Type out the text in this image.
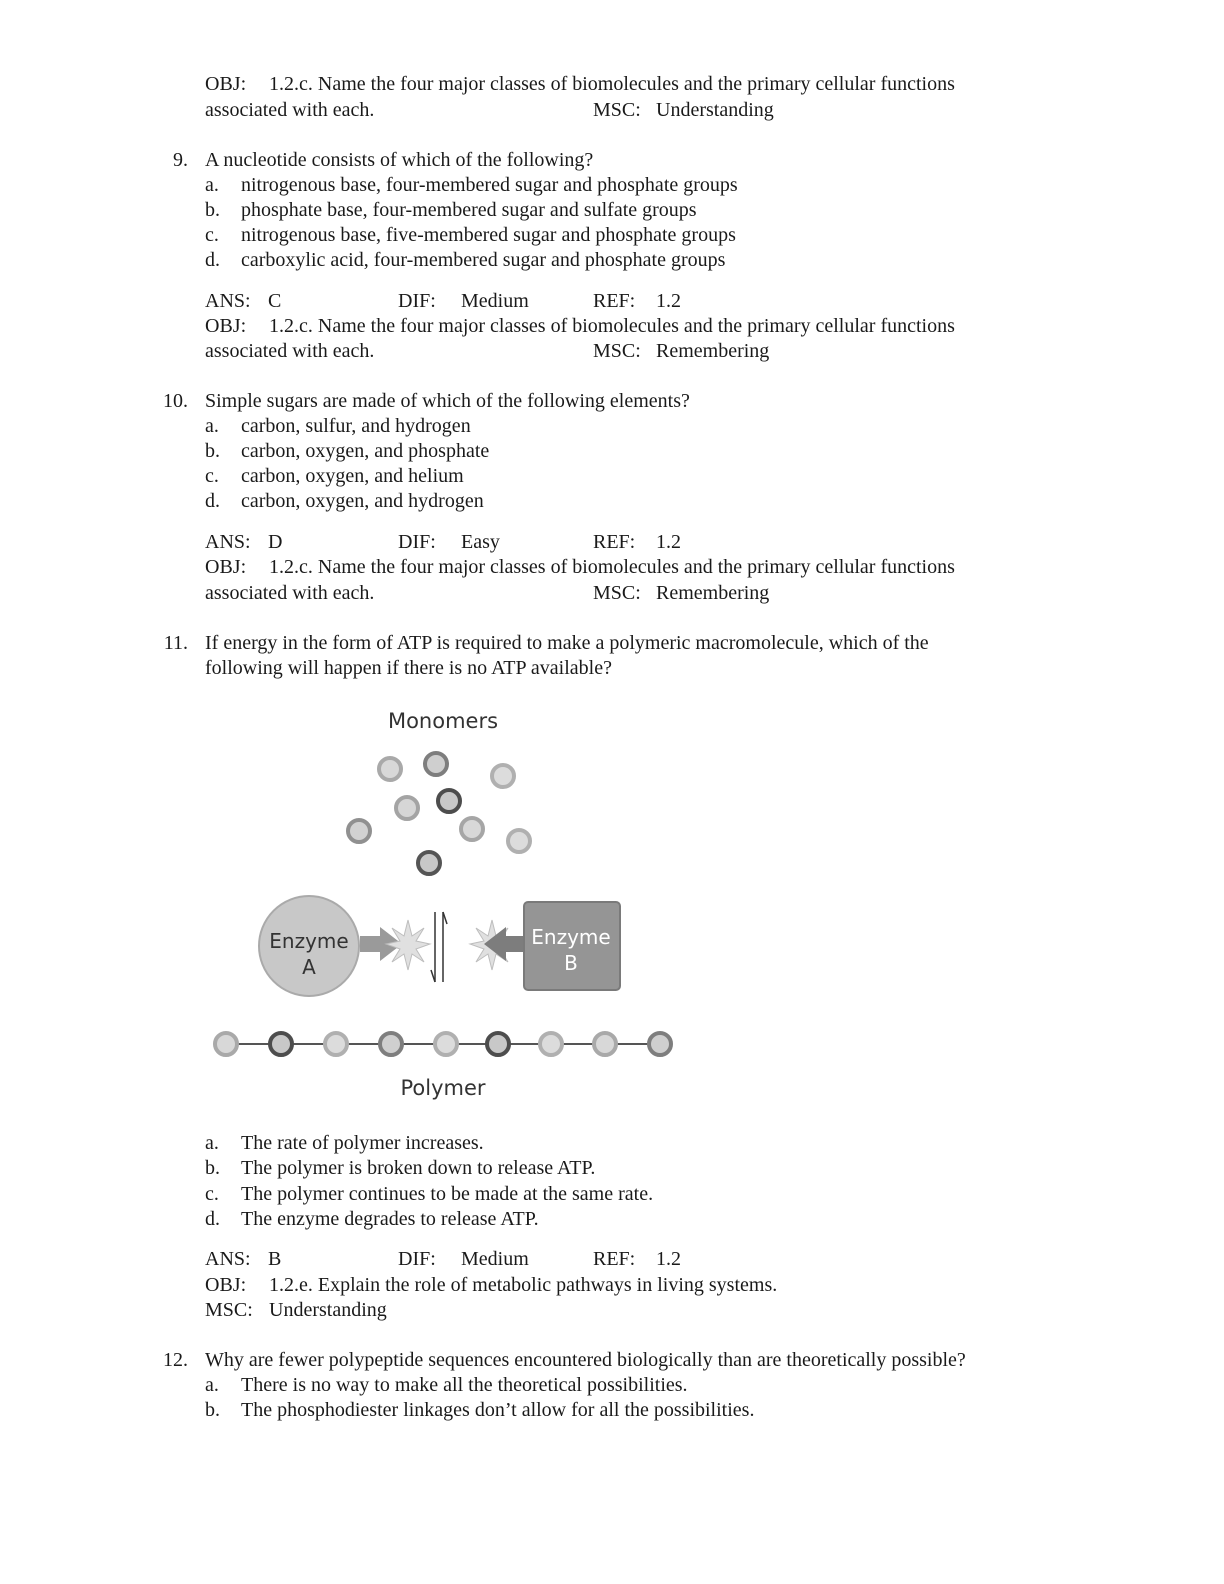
OBJ: 1.2.c. Name the four major classes of biomolecules and the primary cellular functions
associated with each.	MSC: Understanding
9. A nucleotide consists of which of the following?
a. nitrogenous base, four-membered sugar and phosphate groups
b. phosphate base, four-membered sugar and sulfate groups
c. nitrogenous base, five-membered sugar and phosphate groups
d. carboxylic acid, four-membered sugar and phosphate groups
ANS: C	DIF: Medium	REF: 1.2
OBJ: 1.2.c. Name the four major classes of biomolecules and the primary cellular functions
associated with each.	MSC: Remembering
10. Simple sugars are made of which of the following elements?
a. carbon, sulfur, and hydrogen
b. carbon, oxygen, and phosphate
c. carbon, oxygen, and helium
d. carbon, oxygen, and hydrogen
ANS: D	DIF: Easy	REF: 1.2
OBJ: 1.2.c. Name the four major classes of biomolecules and the primary cellular functions
associated with each.	MSC: Remembering
11. If energy in the form of ATP is required to make a polymeric macromolecule, which of the
following will happen if there is no ATP available?
Monomers
Enzyme
A
Enzyme
B
Polymer
a. The rate of polymer increases.
b. The polymer is broken down to release ATP.
c. The polymer continues to be made at the same rate.
d. The enzyme degrades to release ATP.
ANS: B	DIF: Medium	REF: 1.2
OBJ: 1.2.e. Explain the role of metabolic pathways in living systems.
MSC: Understanding
12. Why are fewer polypeptide sequences encountered biologically than are theoretically possible?
a. There is no way to make all the theoretical possibilities.
b. The phosphodiester linkages don’t allow for all the possibilities.
